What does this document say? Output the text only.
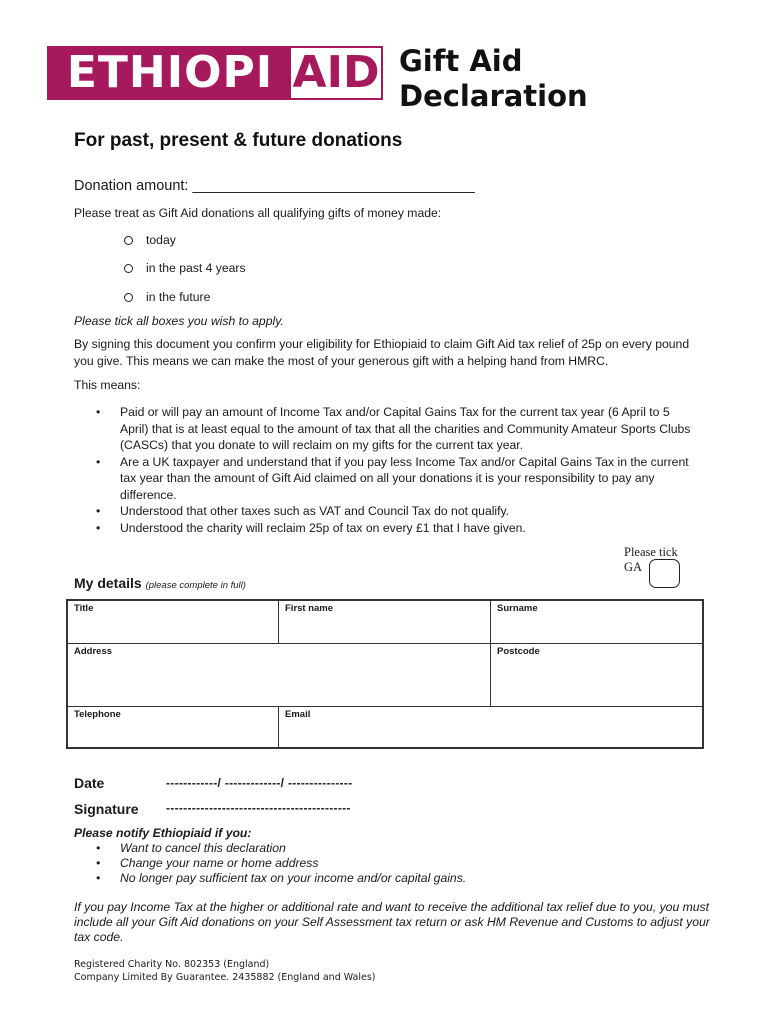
ETHIOPI AID Gift Aid
Declaration
For past, present & future donations
Donation amount: ___________________________________
Please treat as Gift Aid donations all qualifying gifts of money made:
today
in the past 4 years
in the future
Please tick all boxes you wish to apply.
By signing this document you confirm your eligibility for Ethiopiaid to claim Gift Aid tax relief of 25p on every pound you give. This means we can make the most of your generous gift with a helping hand from HMRC.
This means:
• Paid or will pay an amount of Income Tax and/or Capital Gains Tax for the current tax year (6 April to 5 April) that is at least equal to the amount of tax that all the charities and Community Amateur Sports Clubs (CASCs) that you donate to will reclaim on my gifts for the current tax year.
• Are a UK taxpayer and understand that if you pay less Income Tax and/or Capital Gains Tax in the current tax year than the amount of Gift Aid claimed on all your donations it is your responsibility to pay any difference.
• Understood that other taxes such as VAT and Council Tax do not qualify.
• Understood the charity will reclaim 25p of tax on every £1 that I have given.
Please tick
GA
My details (please complete in full)
Title	First name	Surname
Address	Postcode
Telephone	Email
Date	------------/ -------------/ ---------------
Signature -------------------------------------------
Please notify Ethiopiaid if you:
• Want to cancel this declaration
• Change your name or home address
• No longer pay sufficient tax on your income and/or capital gains.
If you pay Income Tax at the higher or additional rate and want to receive the additional tax relief due to you, you must include all your Gift Aid donations on your Self Assessment tax return or ask HM Revenue and Customs to adjust your tax code.
Registered Charity No. 802353 (England)
Company Limited By Guarantee. 2435882 (England and Wales)
